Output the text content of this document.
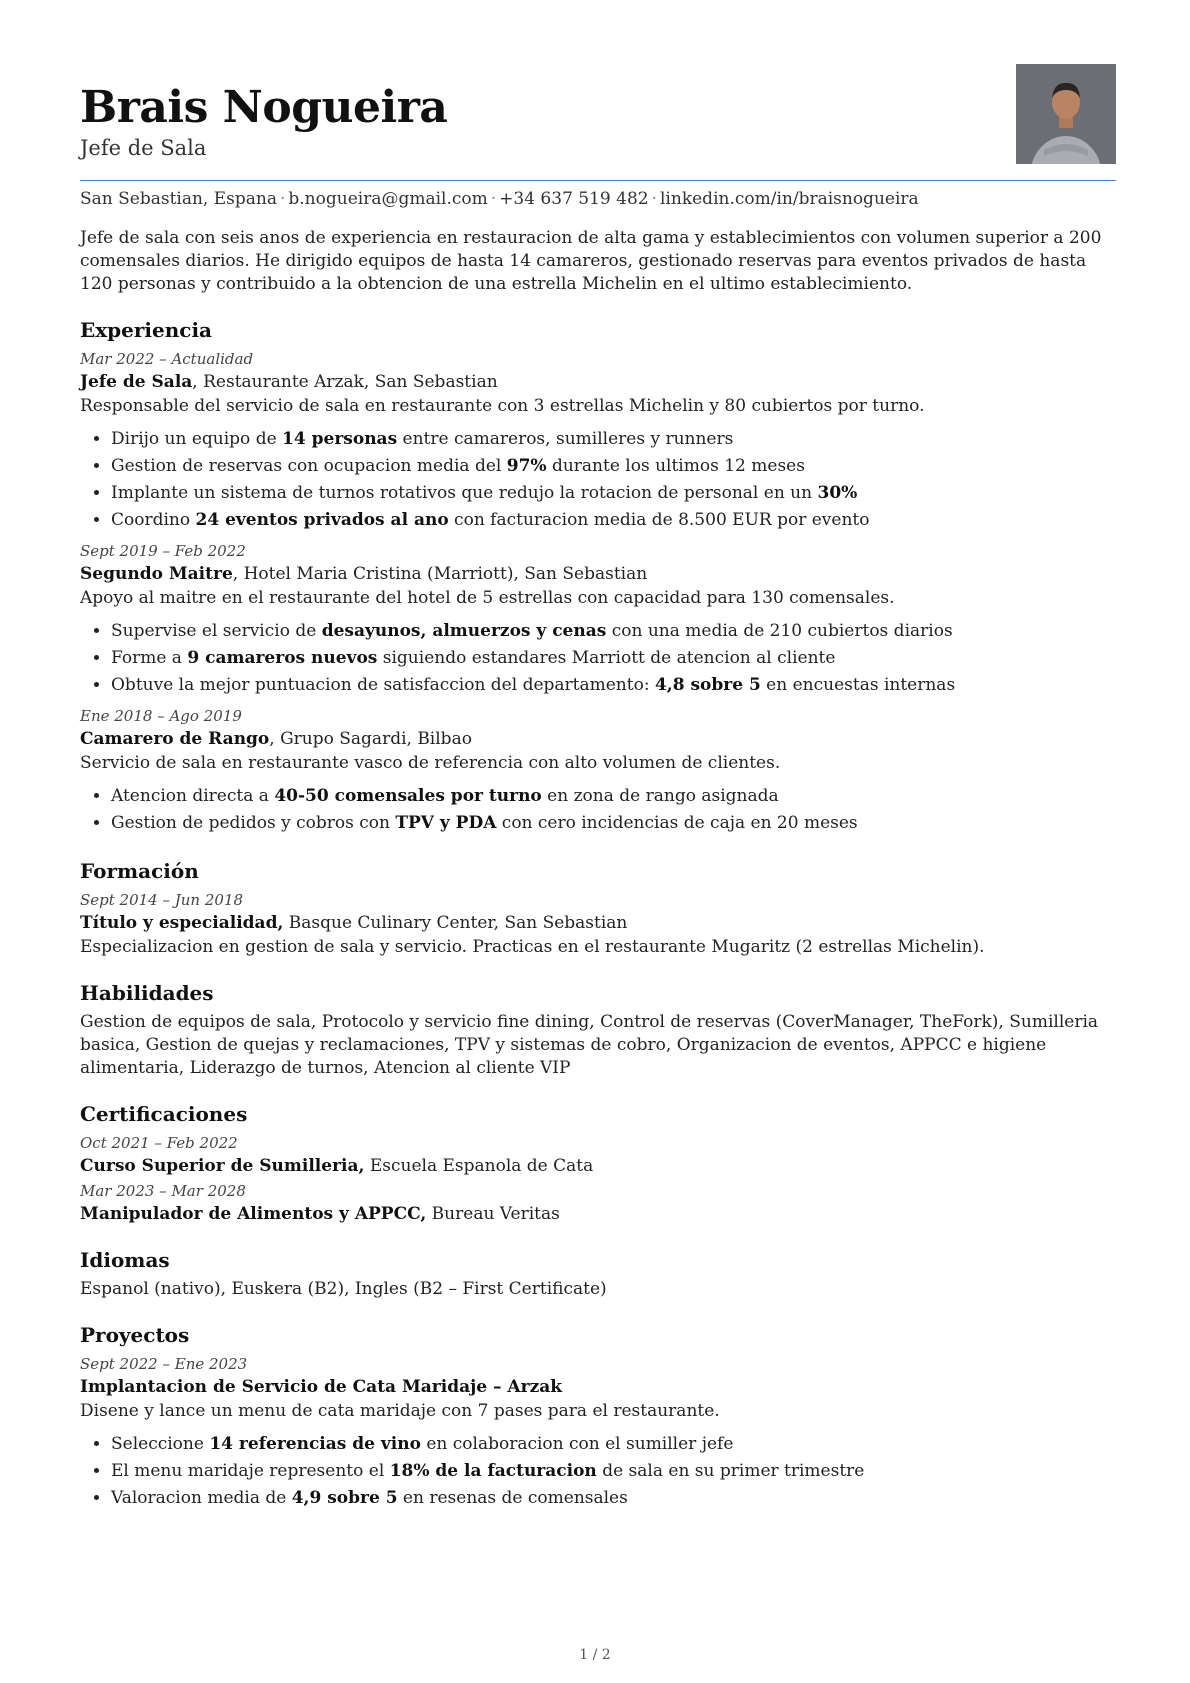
Brais Nogueira
Jefe de Sala
San Sebastian, Espana · b.nogueira@gmail.com · +34 637 519 482 · linkedin.com/in/braisnogueira
Jefe de sala con seis anos de experiencia en restauracion de alta gama y establecimientos con volumen superior a 200 comensales diarios. He dirigido equipos de hasta 14 camareros, gestionado reservas para eventos privados de hasta 120 personas y contribuido a la obtencion de una estrella Michelin en el ultimo establecimiento.
Experiencia
Mar 2022 – Actualidad
Jefe de Sala, Restaurante Arzak, San Sebastian
Responsable del servicio de sala en restaurante con 3 estrellas Michelin y 80 cubiertos por turno.
• Dirijo un equipo de 14 personas entre camareros, sumilleres y runners
• Gestion de reservas con ocupacion media del 97% durante los ultimos 12 meses
• Implante un sistema de turnos rotativos que redujo la rotacion de personal en un 30%
• Coordino 24 eventos privados al ano con facturacion media de 8.500 EUR por evento
Sept 2019 – Feb 2022
Segundo Maitre, Hotel Maria Cristina (Marriott), San Sebastian
Apoyo al maitre en el restaurante del hotel de 5 estrellas con capacidad para 130 comensales.
• Supervise el servicio de desayunos, almuerzos y cenas con una media de 210 cubiertos diarios
• Forme a 9 camareros nuevos siguiendo estandares Marriott de atencion al cliente
• Obtuve la mejor puntuacion de satisfaccion del departamento: 4,8 sobre 5 en encuestas internas
Ene 2018 – Ago 2019
Camarero de Rango, Grupo Sagardi, Bilbao
Servicio de sala en restaurante vasco de referencia con alto volumen de clientes.
• Atencion directa a 40-50 comensales por turno en zona de rango asignada
• Gestion de pedidos y cobros con TPV y PDA con cero incidencias de caja en 20 meses
Formación
Sept 2014 – Jun 2018
Título y especialidad, Basque Culinary Center, San Sebastian
Especializacion en gestion de sala y servicio. Practicas en el restaurante Mugaritz (2 estrellas Michelin).
Habilidades
Gestion de equipos de sala, Protocolo y servicio fine dining, Control de reservas (CoverManager, TheFork), Sumilleria basica, Gestion de quejas y reclamaciones, TPV y sistemas de cobro, Organizacion de eventos, APPCC e higiene alimentaria, Liderazgo de turnos, Atencion al cliente VIP
Certificaciones
Oct 2021 – Feb 2022
Curso Superior de Sumilleria, Escuela Espanola de Cata
Mar 2023 – Mar 2028
Manipulador de Alimentos y APPCC, Bureau Veritas
Idiomas
Espanol (nativo), Euskera (B2), Ingles (B2 – First Certificate)
Proyectos
Sept 2022 – Ene 2023
Implantacion de Servicio de Cata Maridaje – Arzak
Disene y lance un menu de cata maridaje con 7 pases para el restaurante.
• Seleccione 14 referencias de vino en colaboracion con el sumiller jefe
• El menu maridaje represento el 18% de la facturacion de sala en su primer trimestre
• Valoracion media de 4,9 sobre 5 en resenas de comensales
1 / 2
